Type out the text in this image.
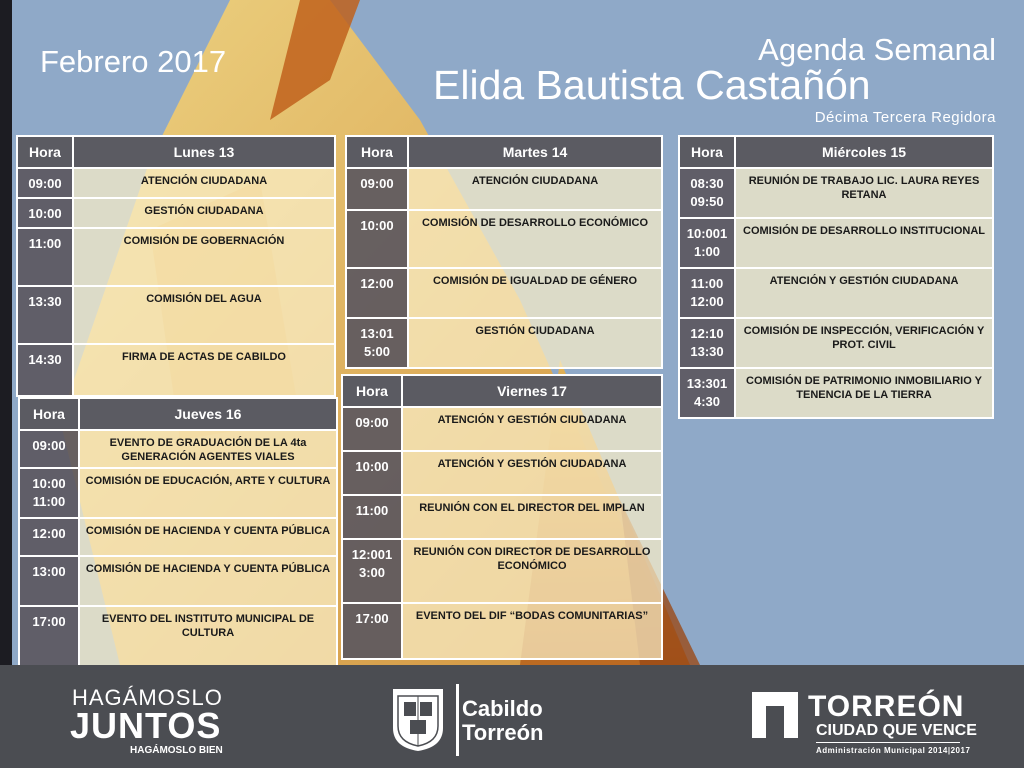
Febrero 2017	Agenda Semanal
Elida Bautista Castañón
Décima Tercera Regidora
Hora	Lunes 13
09:00	ATENCIÓN CIUDADANA
10:00	GESTIÓN CIUDADANA
11:00	COMISIÓN DE GOBERNACIÓN
13:30	COMISIÓN DEL AGUA
14:30	FIRMA DE ACTAS DE CABILDO
Hora	Martes 14
09:00	ATENCIÓN CIUDADANA
10:00	COMISIÓN DE DESARROLLO ECONÓMICO
12:00	COMISIÓN DE IGUALDAD DE GÉNERO
13:01
5:00	GESTIÓN CIUDADANA
Hora	Miércoles 15
08:30
09:50	REUNIÓN DE TRABAJO LIC. LAURA REYES RETANA
10:001
1:00	COMISIÓN DE DESARROLLO INSTITUCIONAL
11:00
12:00	ATENCIÓN Y GESTIÓN CIUDADANA
12:10
13:30	COMISIÓN DE INSPECCIÓN, VERIFICACIÓN Y PROT. CIVIL
13:301
4:30	COMISIÓN DE PATRIMONIO INMOBILIARIO Y TENENCIA DE LA TIERRA
Hora	Jueves 16
09:00	EVENTO DE GRADUACIÓN DE LA 4ta GENERACIÓN AGENTES VIALES
10:00
11:00	COMISIÓN DE EDUCACIÓN, ARTE Y CULTURA
12:00	COMISIÓN DE HACIENDA Y CUENTA PÚBLICA
13:00	COMISIÓN DE HACIENDA Y CUENTA PÚBLICA
17:00	EVENTO DEL INSTITUTO MUNICIPAL DE CULTURA
Hora	Viernes 17
09:00	ATENCIÓN Y GESTIÓN CIUDADANA
10:00	ATENCIÓN Y GESTIÓN CIUDADANA
11:00	REUNIÓN CON EL DIRECTOR DEL IMPLAN
12:001
3:00	REUNIÓN CON DIRECTOR DE DESARROLLO ECONÓMICO
17:00	EVENTO DEL DIF “BODAS COMUNITARIAS”
HAGÁMOSLO
JUNTOS
HAGÁMOSLO BIEN
Cabildo
Torreón
TORREÓN
CIUDAD QUE VENCE
Administración Municipal 2014|2017
